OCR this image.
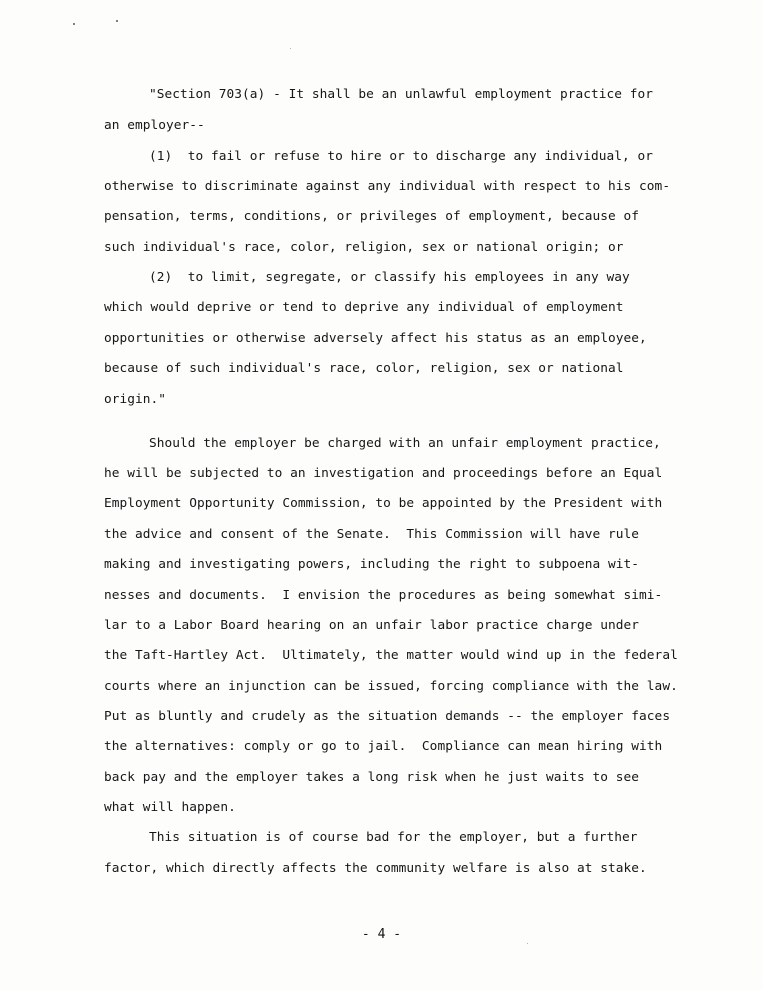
"Section 703(a) - It shall be an unlawful employment practice for
an employer--
(1)  to fail or refuse to hire or to discharge any individual, or
otherwise to discriminate against any individual with respect to his com-
pensation, terms, conditions, or privileges of employment, because of
such individual's race, color, religion, sex or national origin; or
(2)  to limit, segregate, or classify his employees in any way
which would deprive or tend to deprive any individual of employment
opportunities or otherwise adversely affect his status as an employee,
because of such individual's race, color, religion, sex or national
origin."
Should the employer be charged with an unfair employment practice,
he will be subjected to an investigation and proceedings before an Equal
Employment Opportunity Commission, to be appointed by the President with
the advice and consent of the Senate.  This Commission will have rule
making and investigating powers, including the right to subpoena wit-
nesses and documents.  I envision the procedures as being somewhat simi-
lar to a Labor Board hearing on an unfair labor practice charge under
the Taft-Hartley Act.  Ultimately, the matter would wind up in the federal
courts where an injunction can be issued, forcing compliance with the law.
Put as bluntly and crudely as the situation demands -- the employer faces
the alternatives: comply or go to jail.  Compliance can mean hiring with
back pay and the employer takes a long risk when he just waits to see
what will happen.
This situation is of course bad for the employer, but a further
factor, which directly affects the community welfare is also at stake.
- 4 -
